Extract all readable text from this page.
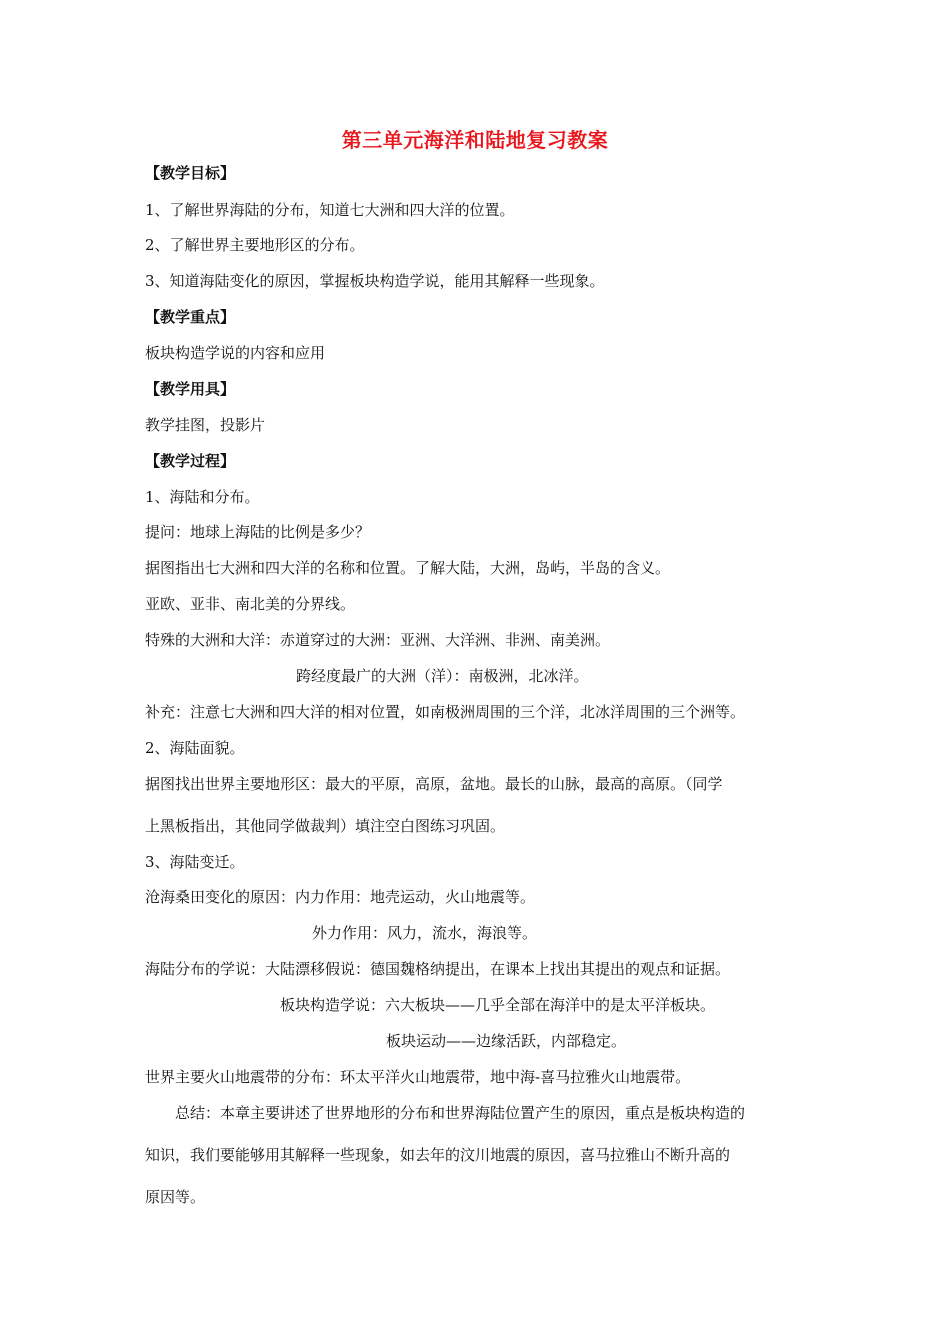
第三单元海洋和陆地复习教案
【教学目标】
1、了解世界海陆的分布，知道七大洲和四大洋的位置。
2、了解世界主要地形区的分布。
3、知道海陆变化的原因，掌握板块构造学说，能用其解释一些现象。
【教学重点】
板块构造学说的内容和应用
【教学用具】
教学挂图，投影片
【教学过程】
1、海陆和分布。
提问：地球上海陆的比例是多少？
据图指出七大洲和四大洋的名称和位置。了解大陆，大洲，岛屿，半岛的含义。
亚欧、亚非、南北美的分界线。
特殊的大洲和大洋：赤道穿过的大洲：亚洲、大洋洲、非洲、南美洲。
跨经度最广的大洲（洋）：南极洲，北冰洋。
补充：注意七大洲和四大洋的相对位置，如南极洲周围的三个洋，北冰洋周围的三个洲等。
2、海陆面貌。
据图找出世界主要地形区：最大的平原，高原，盆地。最长的山脉，最高的高原。（同学
上黑板指出，其他同学做裁判）填注空白图练习巩固。
3、海陆变迁。
沧海桑田变化的原因：内力作用：地壳运动，火山地震等。
外力作用：风力，流水，海浪等。
海陆分布的学说：大陆漂移假说：德国魏格纳提出，在课本上找出其提出的观点和证据。
板块构造学说：六大板块——几乎全部在海洋中的是太平洋板块。
板块运动——边缘活跃，内部稳定。
世界主要火山地震带的分布：环太平洋火山地震带，地中海-喜马拉雅火山地震带。
总结：本章主要讲述了世界地形的分布和世界海陆位置产生的原因，重点是板块构造的
知识，我们要能够用其解释一些现象，如去年的汶川地震的原因，喜马拉雅山不断升高的
原因等。
